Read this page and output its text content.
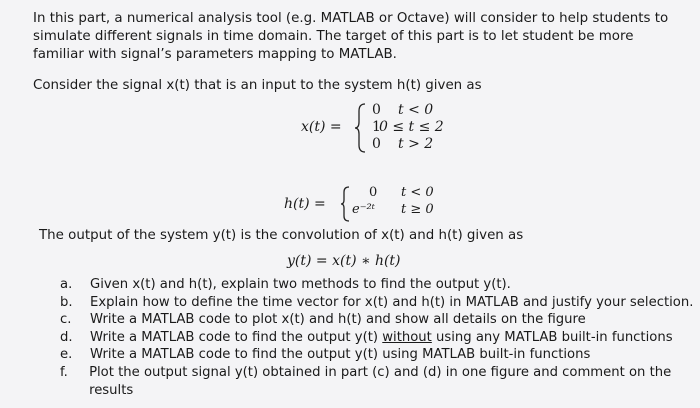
In this part, a numerical analysis tool (e.g. MATLAB or Octave) will consider to help students to simulate different signals in time domain. The target of this part is to let student be more familiar with signal’s parameters mapping to MATLAB.
Consider the signal x(t) that is an input to the system h(t) given as
x(t) =
0 t < 0
1
0 ≤ t ≤ 2
0 t > 2
h(t) =
0 t < 0
e⁻²ᵗ t ≥ 0
The output of the system y(t) is the convolution of x(t) and h(t) given as
y(t) = x(t) ∗ h(t)
a.	Given x(t) and h(t), explain two methods to find the output y(t).
b.	Explain how to define the time vector for x(t) and h(t) in MATLAB and justify your selection.
c.	Write a MATLAB code to plot x(t) and h(t) and show all details on the figure
d.	Write a MATLAB code to find the output y(t) without using any MATLAB built-in functions
e.	Write a MATLAB code to find the output y(t) using MATLAB built-in functions
f.	Plot the output signal y(t) obtained in part (c) and (d) in one figure and comment on the results
